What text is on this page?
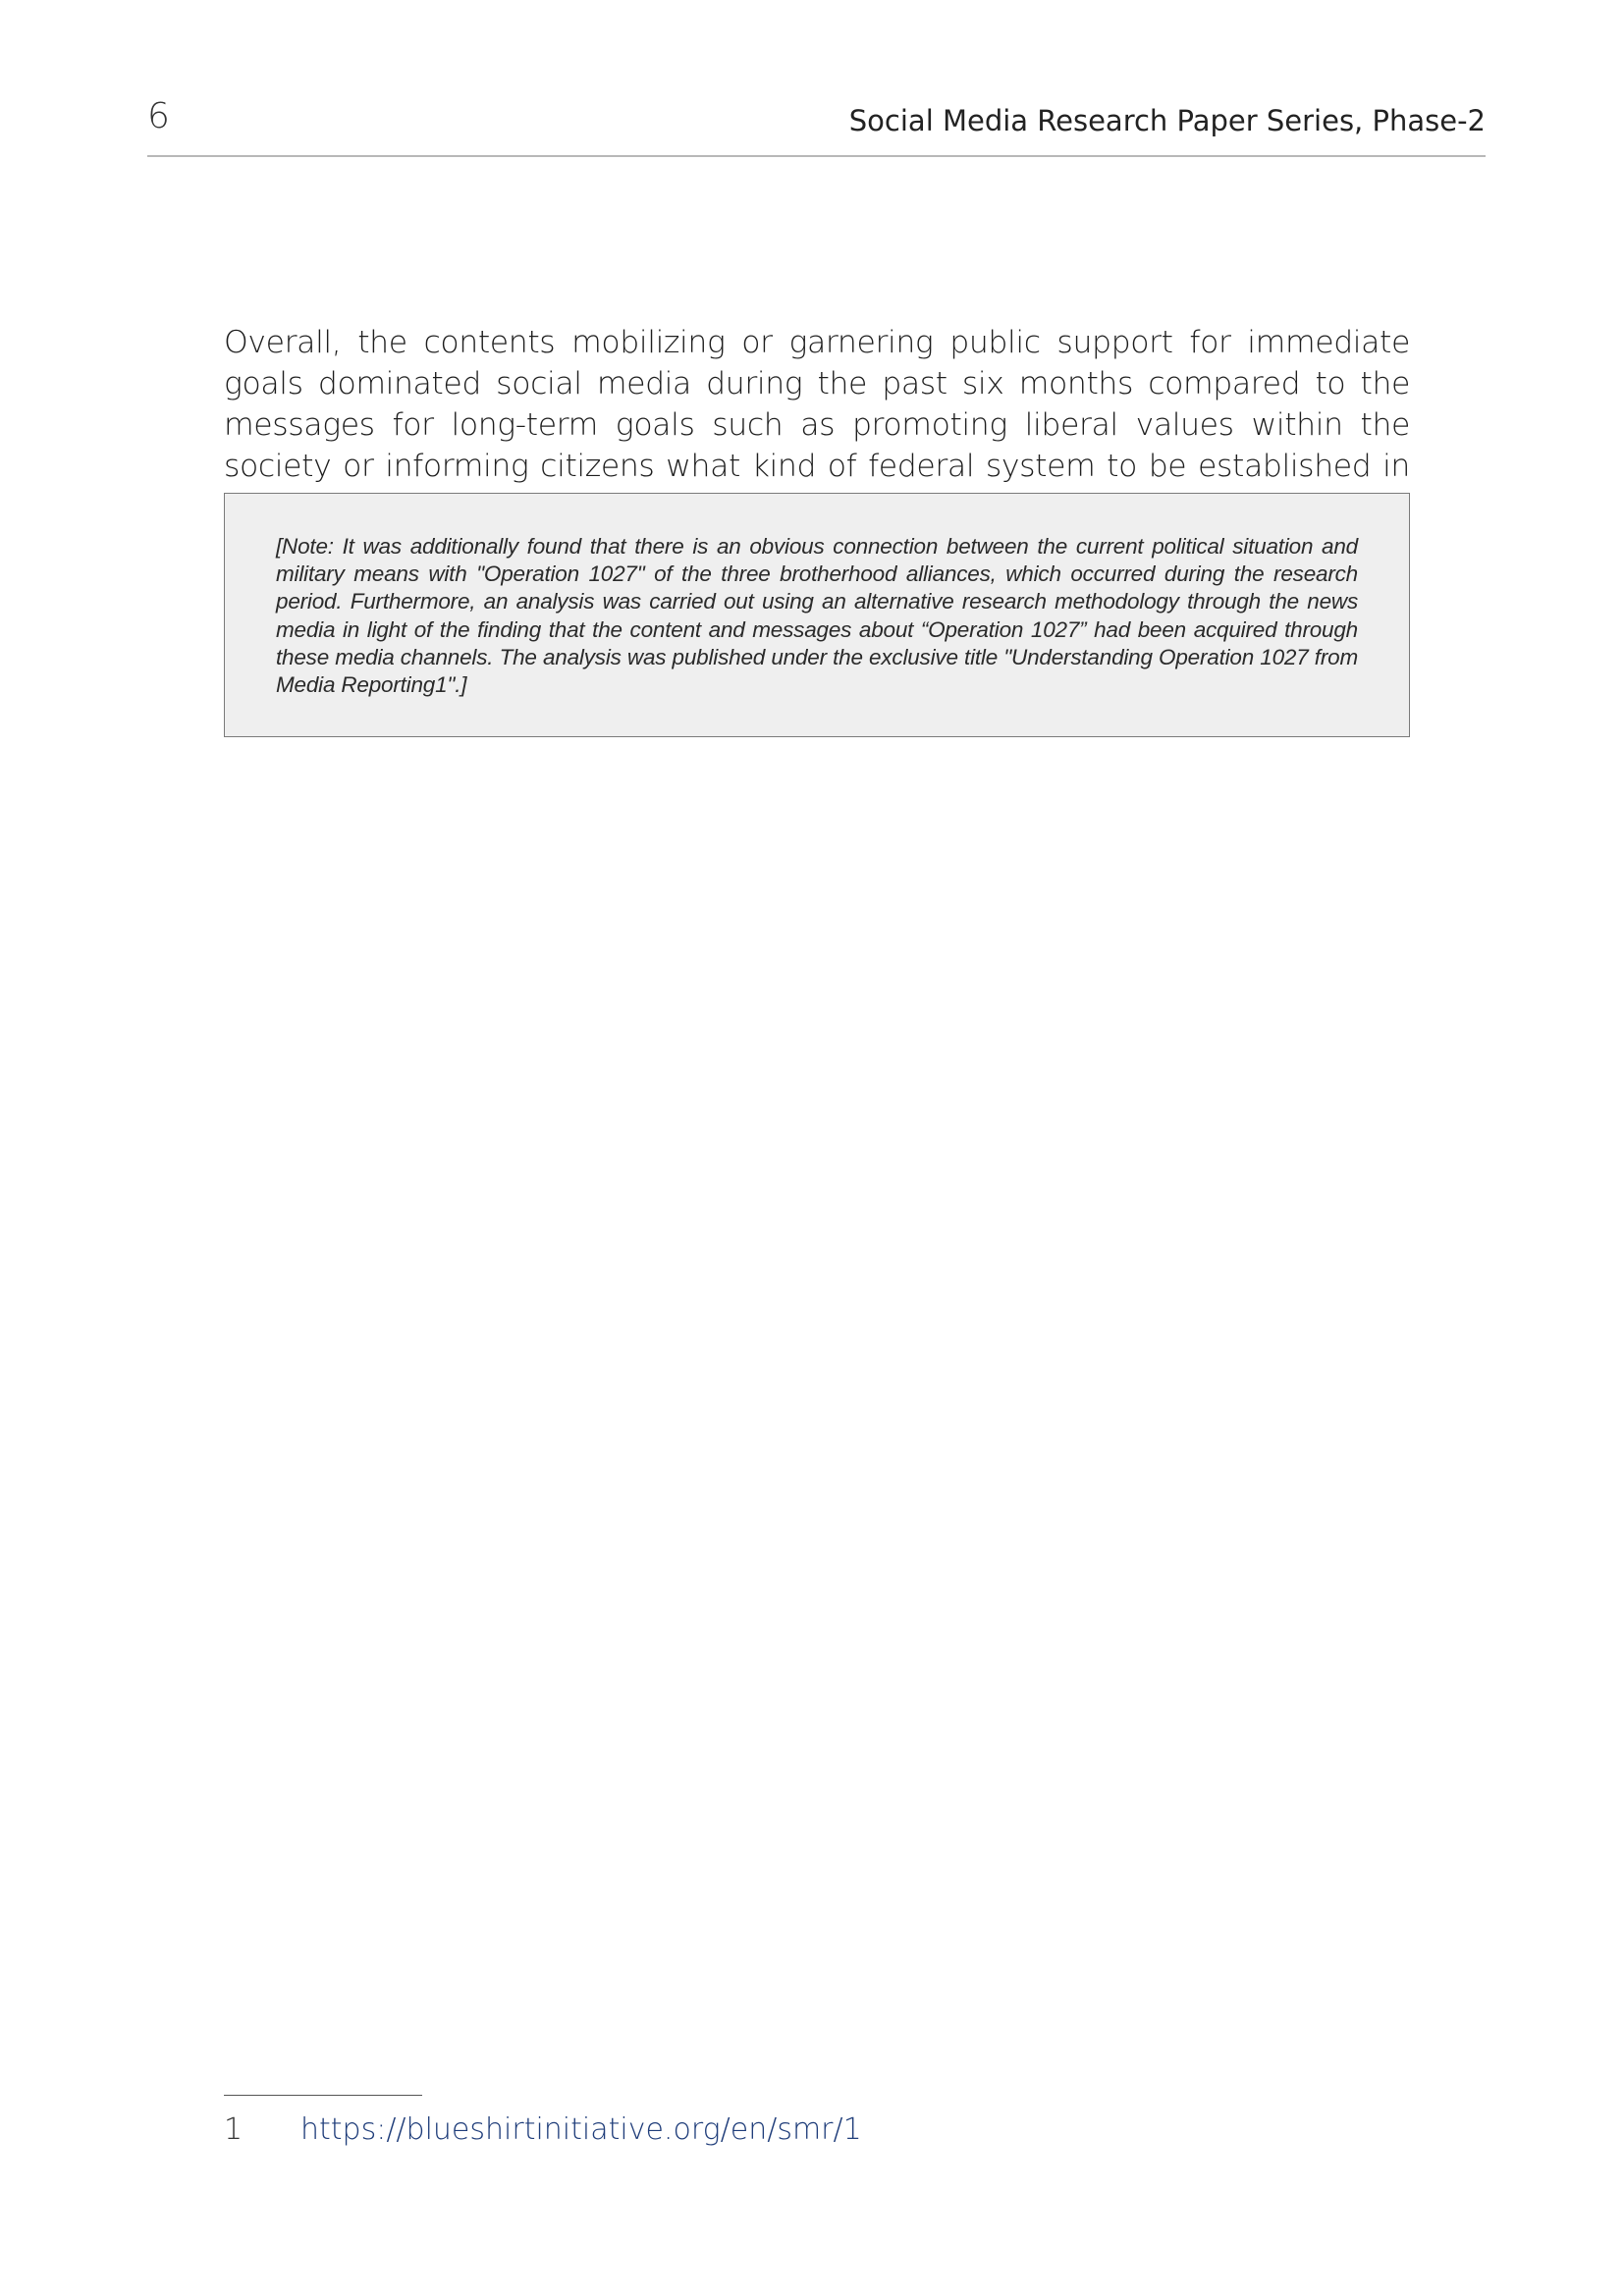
6	Social Media Research Paper Series, Phase-2

Overall, the contents mobilizing or garnering public support for immediate goals dominated social media during the past six months compared to the messages for long-term goals such as promoting liberal values within the society or informing citizens what kind of federal system to be established in

[Note: It was additionally found that there is an obvious connection between the current political situation and military means with "Operation 1027" of the three brotherhood alliances, which occurred during the research period. Furthermore, an analysis was carried out using an alternative research methodology through the news media in light of the finding that the content and messages about “Operation 1027” had been acquired through these media channels. The analysis was published under the exclusive title "Understanding Operation 1027 from Media Reporting1".]
1 https://blueshirtinitiative.org/en/smr/1
